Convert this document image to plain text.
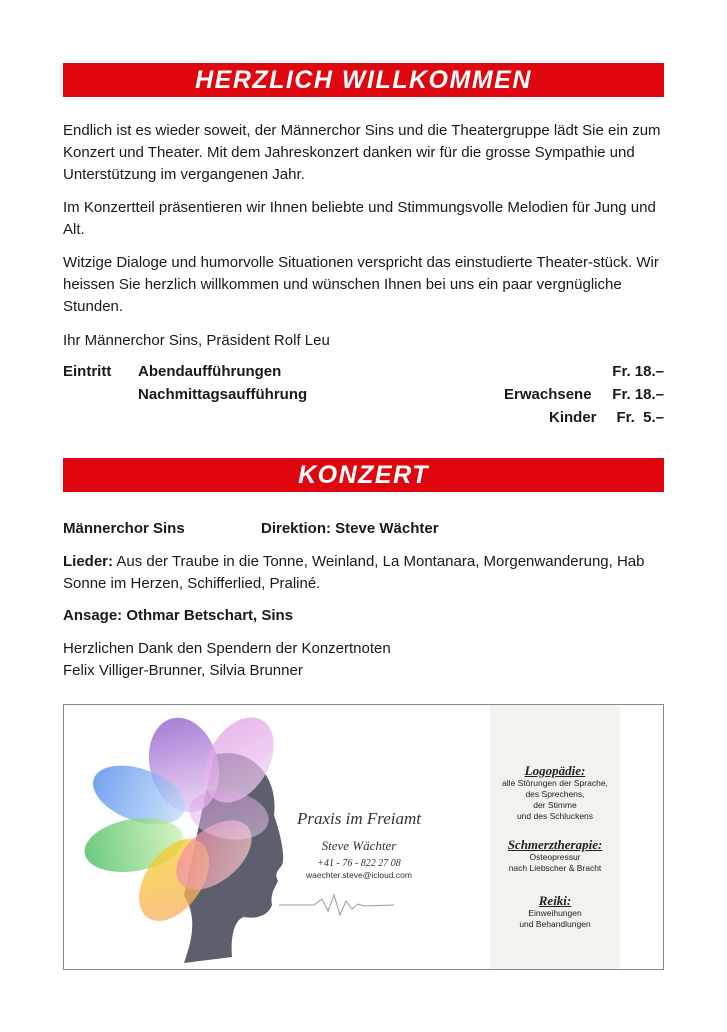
HERZLICH WILLKOMMEN

Endlich ist es wieder soweit, der Männerchor Sins und die Theatergruppe lädt Sie ein zum Konzert und Theater. Mit dem Jahreskonzert danken wir für die grosse Sympathie und Unterstützung im vergangenen Jahr.

Im Konzertteil präsentieren wir Ihnen beliebte und Stimmungsvolle Melodien für Jung und Alt.

Witzige Dialoge und humorvolle Situationen verspricht das einstudierte Theater-stück. Wir heissen Sie herzlich willkommen und wünschen Ihnen bei uns ein paar vergnügliche Stunden.

Ihr Männerchor Sins, Präsident Rolf Leu

Eintritt Abendaufführungen	Fr. 18.–
Nachmittagsaufführung	Erwachsene Fr. 18.–
Kinder Fr.  5.–
KONZERT
Männerchor Sins	Direktion: Steve Wächter

Lieder: Aus der Traube in die Tonne, Weinland, La Montanara, Morgenwanderung, Hab Sonne im Herzen, Schifferlied, Praliné.

Ansage: Othmar Betschart, Sins

Herzlichen Dank den Spendern der Konzertnoten

Felix Villiger-Brunner, Silvia Brunner

Praxis im Freiamt
Steve Wächter
+41 - 76 - 822 27 08
waechter.steve@icloud.com
Logopädie:
alle Störungen der Sprache,
des Sprechens,
der Stimme
und des Schluckens
Schmerztherapie:
Osteopressur
nach Liebscher & Bracht
Reiki:
Einweihungen
und Behandlungen
